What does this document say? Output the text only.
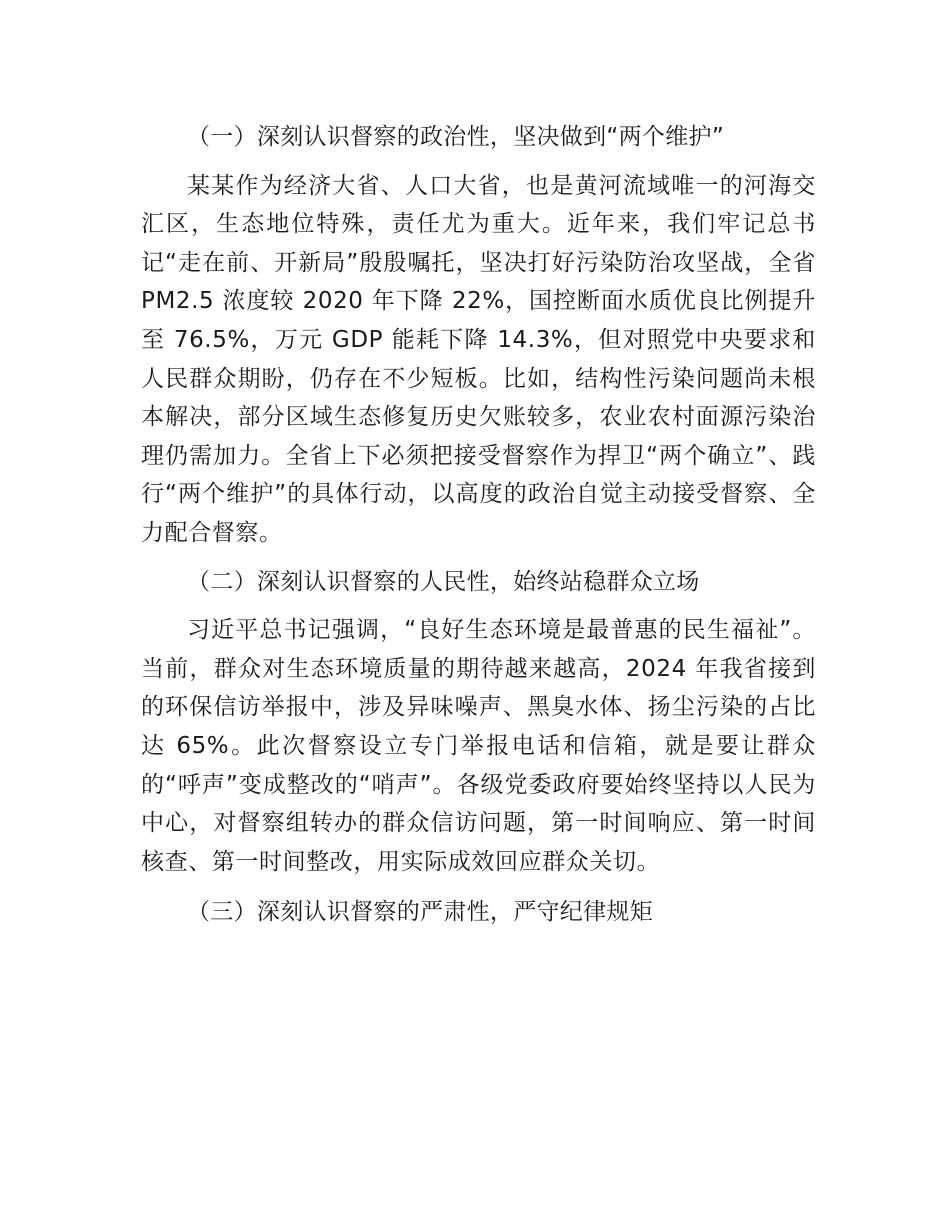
（一）深刻认识督察的政治性，坚决做到“两个维护”
某某作为经济大省、人口大省，也是黄河流域唯一的河海交汇区，生态地位特殊，责任尤为重大。近年来，我们牢记总书记“走在前、开新局”殷殷嘱托，坚决打好污染防治攻坚战，全省 PM2.5 浓度较 2020 年下降 22%，国控断面水质优良比例提升至 76.5%，万元 GDP 能耗下降 14.3%，但对照党中央要求和人民群众期盼，仍存在不少短板。比如，结构性污染问题尚未根本解决，部分区域生态修复历史欠账较多，农业农村面源污染治理仍需加力。全省上下必须把接受督察作为捍卫“两个确立”、践行“两个维护”的具体行动，以高度的政治自觉主动接受督察、全力配合督察。
（二）深刻认识督察的人民性，始终站稳群众立场
习近平总书记强调，“良好生态环境是最普惠的民生福祉”。当前，群众对生态环境质量的期待越来越高，2024 年我省接到的环保信访举报中，涉及异味噪声、黑臭水体、扬尘污染的占比达 65%。此次督察设立专门举报电话和信箱，就是要让群众的“呼声”变成整改的“哨声”。各级党委政府要始终坚持以人民为中心，对督察组转办的群众信访问题，第一时间响应、第一时间核查、第一时间整改，用实际成效回应群众关切。
（三）深刻认识督察的严肃性，严守纪律规矩
